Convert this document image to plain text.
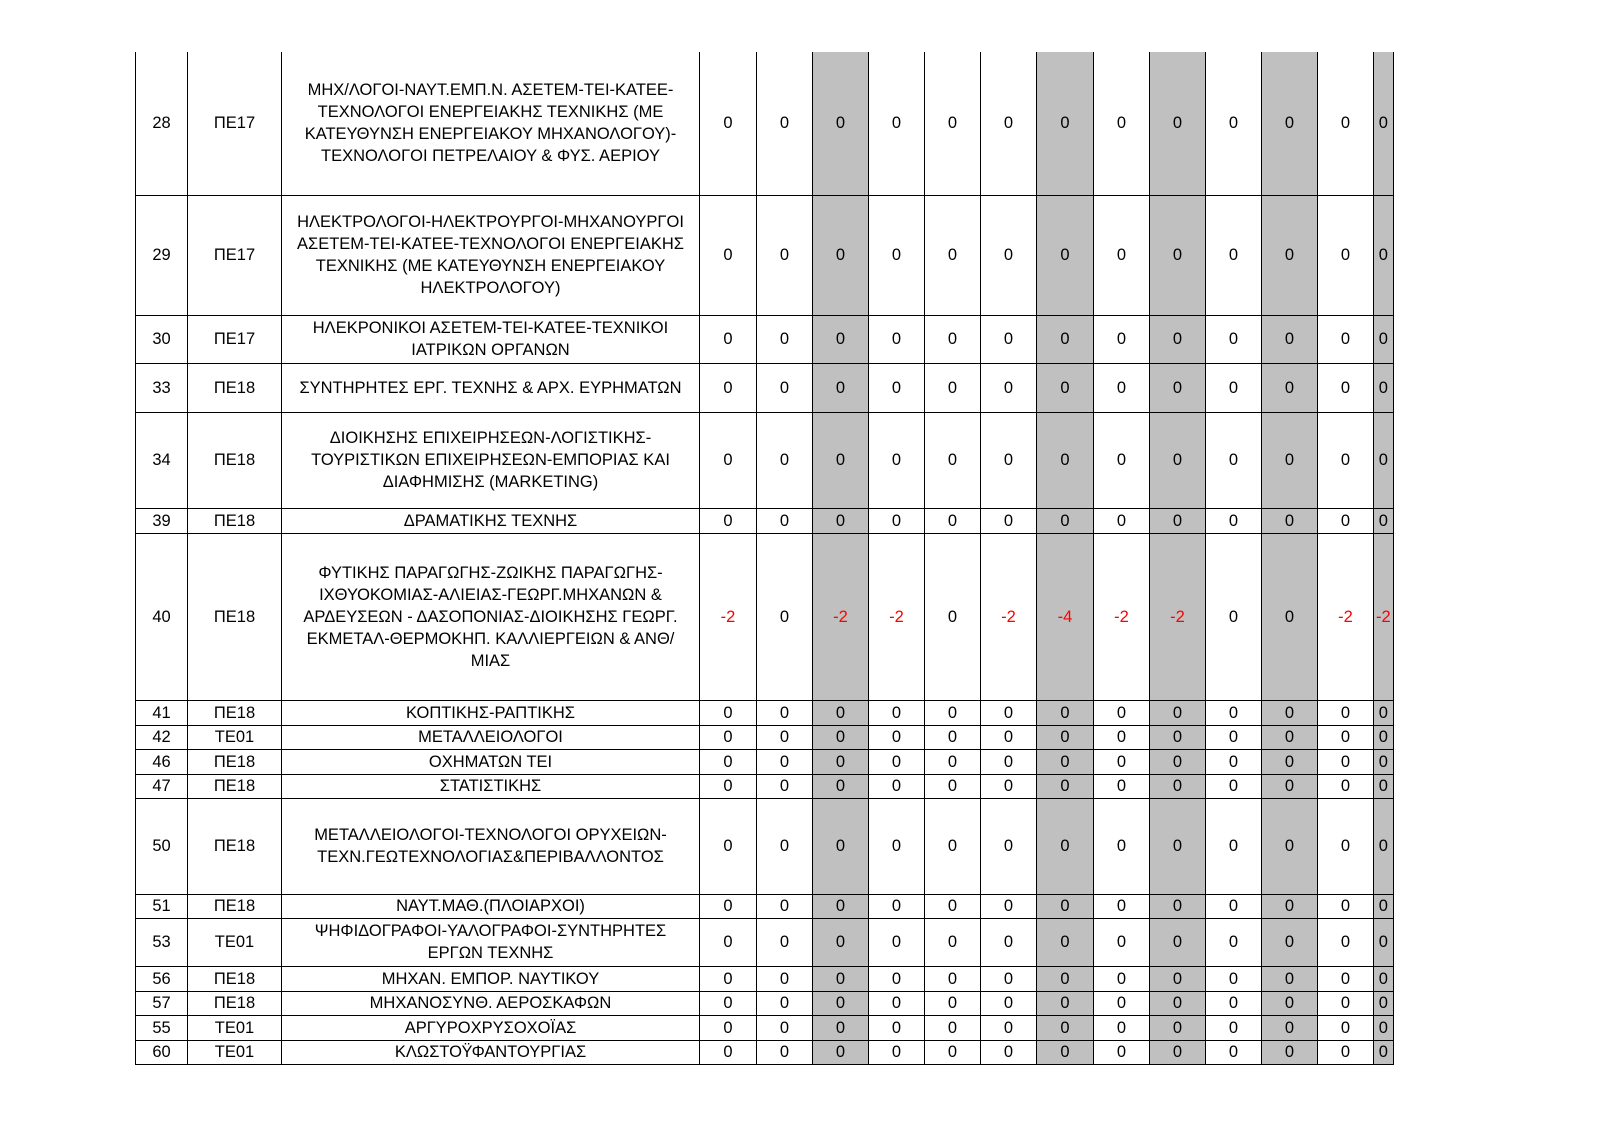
28	ΠΕ17	ΜΗΧ/ΛΟΓΟΙ-ΝΑΥΤ.ΕΜΠ.Ν. ΑΣΕΤΕΜ-ΤΕΙ-ΚΑΤΕΕ-ΤΕΧΝΟΛΟΓΟΙ ΕΝΕΡΓΕΙΑΚΗΣ ΤΕΧΝΙΚΗΣ (ΜΕ ΚΑΤΕΥΘΥΝΣΗ ΕΝΕΡΓΕΙΑΚΟΥ ΜΗΧΑΝΟΛΟΓΟΥ)-ΤΕΧΝΟΛΟΓΟΙ ΠΕΤΡΕΛΑΙΟΥ & ΦΥΣ. ΑΕΡΙΟΥ	0	0	0	0	0	0	0	0	0	0	0	0	0
29	ΠΕ17	ΗΛΕΚΤΡΟΛΟΓΟΙ-ΗΛΕΚΤΡΟΥΡΓΟΙ-ΜΗΧΑΝΟΥΡΓΟΙ ΑΣΕΤΕΜ-ΤΕΙ-ΚΑΤΕΕ-ΤΕΧΝΟΛΟΓΟΙ ΕΝΕΡΓΕΙΑΚΗΣ ΤΕΧΝΙΚΗΣ (ΜΕ ΚΑΤΕΥΘΥΝΣΗ ΕΝΕΡΓΕΙΑΚΟΥ ΗΛΕΚΤΡΟΛΟΓΟΥ)	0	0	0	0	0	0	0	0	0	0	0	0	0
30	ΠΕ17	ΗΛΕΚΡΟΝΙΚΟΙ ΑΣΕΤΕΜ-ΤΕΙ-ΚΑΤΕΕ-ΤΕΧΝΙΚΟΙ ΙΑΤΡΙΚΩΝ ΟΡΓΑΝΩΝ	0	0	0	0	0	0	0	0	0	0	0	0	0
33	ΠΕ18	ΣΥΝΤΗΡΗΤΕΣ ΕΡΓ. ΤΕΧΝΗΣ & ΑΡΧ. ΕΥΡΗΜΑΤΩΝ	0	0	0	0	0	0	0	0	0	0	0	0	0
34	ΠΕ18	ΔΙΟΙΚΗΣΗΣ ΕΠΙΧΕΙΡΗΣΕΩΝ-ΛΟΓΙΣΤΙΚΗΣ-ΤΟΥΡΙΣΤΙΚΩΝ ΕΠΙΧΕΙΡΗΣΕΩΝ-ΕΜΠΟΡΙΑΣ ΚΑΙ ΔΙΑΦΗΜΙΣΗΣ (MARKETING)	0	0	0	0	0	0	0	0	0	0	0	0	0
39	ΠΕ18	ΔΡΑΜΑΤΙΚΗΣ ΤΕΧΝΗΣ	0	0	0	0	0	0	0	0	0	0	0	0	0
40	ΠΕ18	ΦΥΤΙΚΗΣ ΠΑΡΑΓΩΓΗΣ-ΖΩΙΚΗΣ ΠΑΡΑΓΩΓΗΣ-ΙΧΘΥΟΚΟΜΙΑΣ-ΑΛΙΕΙΑΣ-ΓΕΩΡΓ.ΜΗΧΑΝΩΝ & ΑΡΔΕΥΣΕΩΝ - ΔΑΣΟΠΟΝΙΑΣ-ΔΙΟΙΚΗΣΗΣ ΓΕΩΡΓ. ΕΚΜΕΤΑΛ-ΘΕΡΜΟΚΗΠ. ΚΑΛΛΙΕΡΓΕΙΩΝ & ΑΝΘ/ΜΙΑΣ	-2	0	-2	-2	0	-2	-4	-2	-2	0	0	-2	-2
41	ΠΕ18	ΚΟΠΤΙΚΗΣ-ΡΑΠΤΙΚΗΣ	0	0	0	0	0	0	0	0	0	0	0	0	0
42	ΤΕ01	ΜΕΤΑΛΛΕΙΟΛΟΓΟΙ	0	0	0	0	0	0	0	0	0	0	0	0	0
46	ΠΕ18	ΟΧΗΜΑΤΩΝ ΤΕΙ	0	0	0	0	0	0	0	0	0	0	0	0	0
47	ΠΕ18	ΣΤΑΤΙΣΤΙΚΗΣ	0	0	0	0	0	0	0	0	0	0	0	0	0
50	ΠΕ18	ΜΕΤΑΛΛΕΙΟΛΟΓΟΙ-ΤΕΧΝΟΛΟΓΟΙ ΟΡΥΧΕΙΩΝ-ΤΕΧΝ.ΓΕΩΤΕΧΝΟΛΟΓΙΑΣ&ΠΕΡΙΒΑΛΛΟΝΤΟΣ	0	0	0	0	0	0	0	0	0	0	0	0	0
51	ΠΕ18	ΝΑΥΤ.ΜΑΘ.(ΠΛΟΙΑΡΧΟΙ)	0	0	0	0	0	0	0	0	0	0	0	0	0
53	ΤΕ01	ΨΗΦΙΔΟΓΡΑΦΟΙ-ΥΑΛΟΓΡΑΦΟΙ-ΣΥΝΤΗΡΗΤΕΣ ΕΡΓΩΝ ΤΕΧΝΗΣ	0	0	0	0	0	0	0	0	0	0	0	0	0
56	ΠΕ18	ΜΗΧΑΝ. ΕΜΠΟΡ. ΝΑΥΤΙΚΟΥ	0	0	0	0	0	0	0	0	0	0	0	0	0
57	ΠΕ18	ΜΗΧΑΝΟΣΥΝΘ. ΑΕΡΟΣΚΑΦΩΝ	0	0	0	0	0	0	0	0	0	0	0	0	0
55	ΤΕ01	ΑΡΓΥΡΟΧΡΥΣΟΧΟΪΑΣ	0	0	0	0	0	0	0	0	0	0	0	0	0
60	ΤΕ01	ΚΛΩΣΤΟΫΦΑΝΤΟΥΡΓΙΑΣ	0	0	0	0	0	0	0	0	0	0	0	0	0
